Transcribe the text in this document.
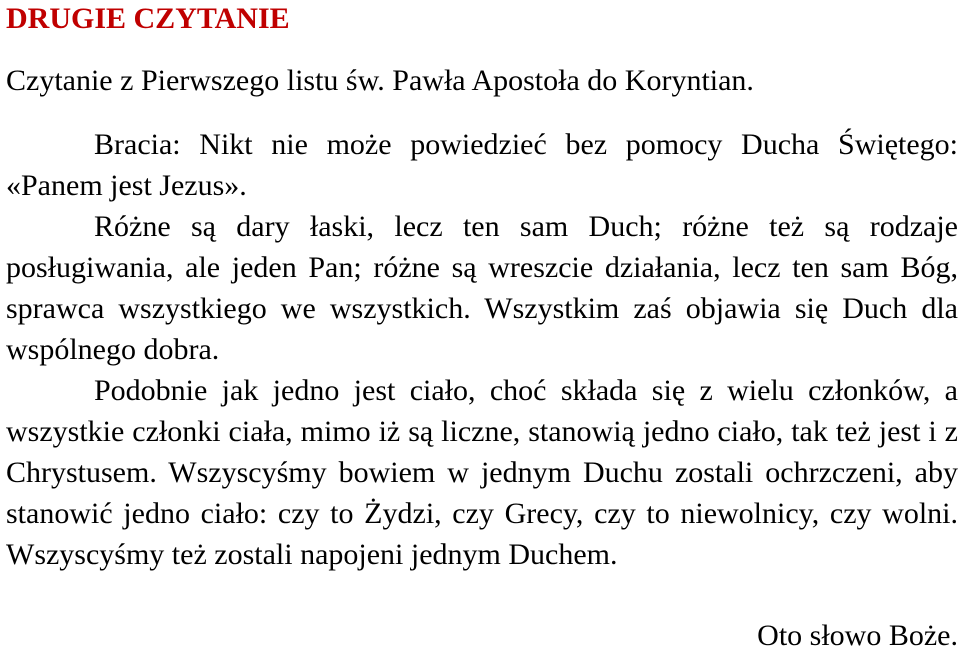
DRUGIE CZYTANIE

Czytanie z Pierwszego listu św. Pawła Apostoła do Koryntian.

Bracia: Nikt nie może powiedzieć bez pomocy Ducha Świętego: «Panem jest Jezus».

Różne są dary łaski, lecz ten sam Duch; różne też są rodzaje posługiwania, ale jeden Pan; różne są wreszcie działania, lecz ten sam Bóg, sprawca wszystkiego we wszystkich. Wszystkim zaś objawia się Duch dla wspólnego dobra.

Podobnie jak jedno jest ciało, choć składa się z wielu członków, a wszystkie członki ciała, mimo iż są liczne, stanowią jedno ciało, tak też jest i z Chrystusem. Wszyscyśmy bowiem w jednym Duchu zostali ochrzczeni, aby stanowić jedno ciało: czy to Żydzi, czy Grecy, czy to niewolnicy, czy wolni. Wszyscyśmy też zostali napojeni jednym Duchem.

Oto słowo Boże.
